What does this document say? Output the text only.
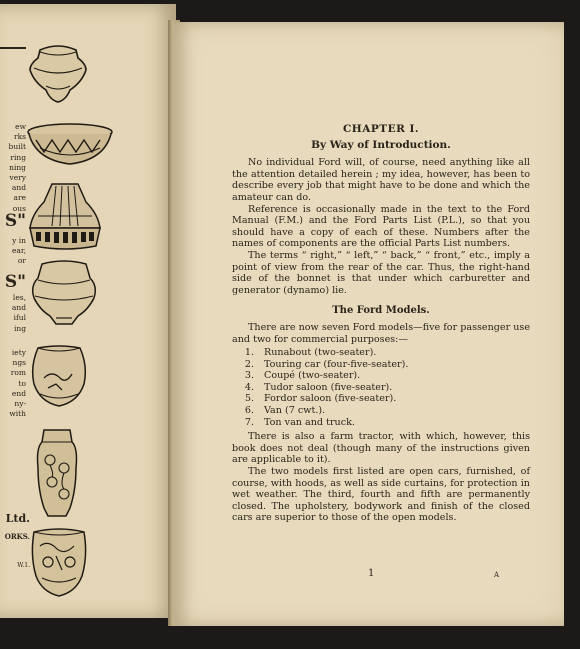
ew
rks
built
ring
ning
very
and
are
ous
S"
y in
ear,
or
S"
les,
and
iful
ing
iety
ngs
rom
to
end
ny-
with
Ltd.
ORKS.
W.1.
CHAPTER I.
By Way of Introduction.

No individual Ford will, of course, need anything like all the attention detailed herein ; my idea, however, has been to describe every job that might have to be done and which the amateur can do.

Reference is occasionally made in the text to the Ford Manual (F.M.) and the Ford Parts List (P.L.), so that you should have a copy of each of these. Numbers after the names of components are the official Parts List numbers.

The terms “ right,” “ left,” “ back,” “ front,” etc., imply a point of view from the rear of the car. Thus, the right-hand side of the bonnet is that under which carburetter and generator (dynamo) lie.

The Ford Models.

There are now seven Ford models—five for passenger use and two for commercial purposes:—

1. Runabout (two-seater).
2. Touring car (four-five-seater).
3. Coupé (two-seater).
4. Tudor saloon (five-seater).
5. Fordor saloon (five-seater).
6. Van (7 cwt.).
7. Ton van and truck.

There is also a farm tractor, with which, however, this book does not deal (though many of the instructions given are applicable to it).

The two models first listed are open cars, furnished, of course, with hoods, as well as side curtains, for protection in wet weather. The third, fourth and fifth are permanently closed. The upholstery, bodywork and finish of the closed cars are superior to those of the open models.

1	A
